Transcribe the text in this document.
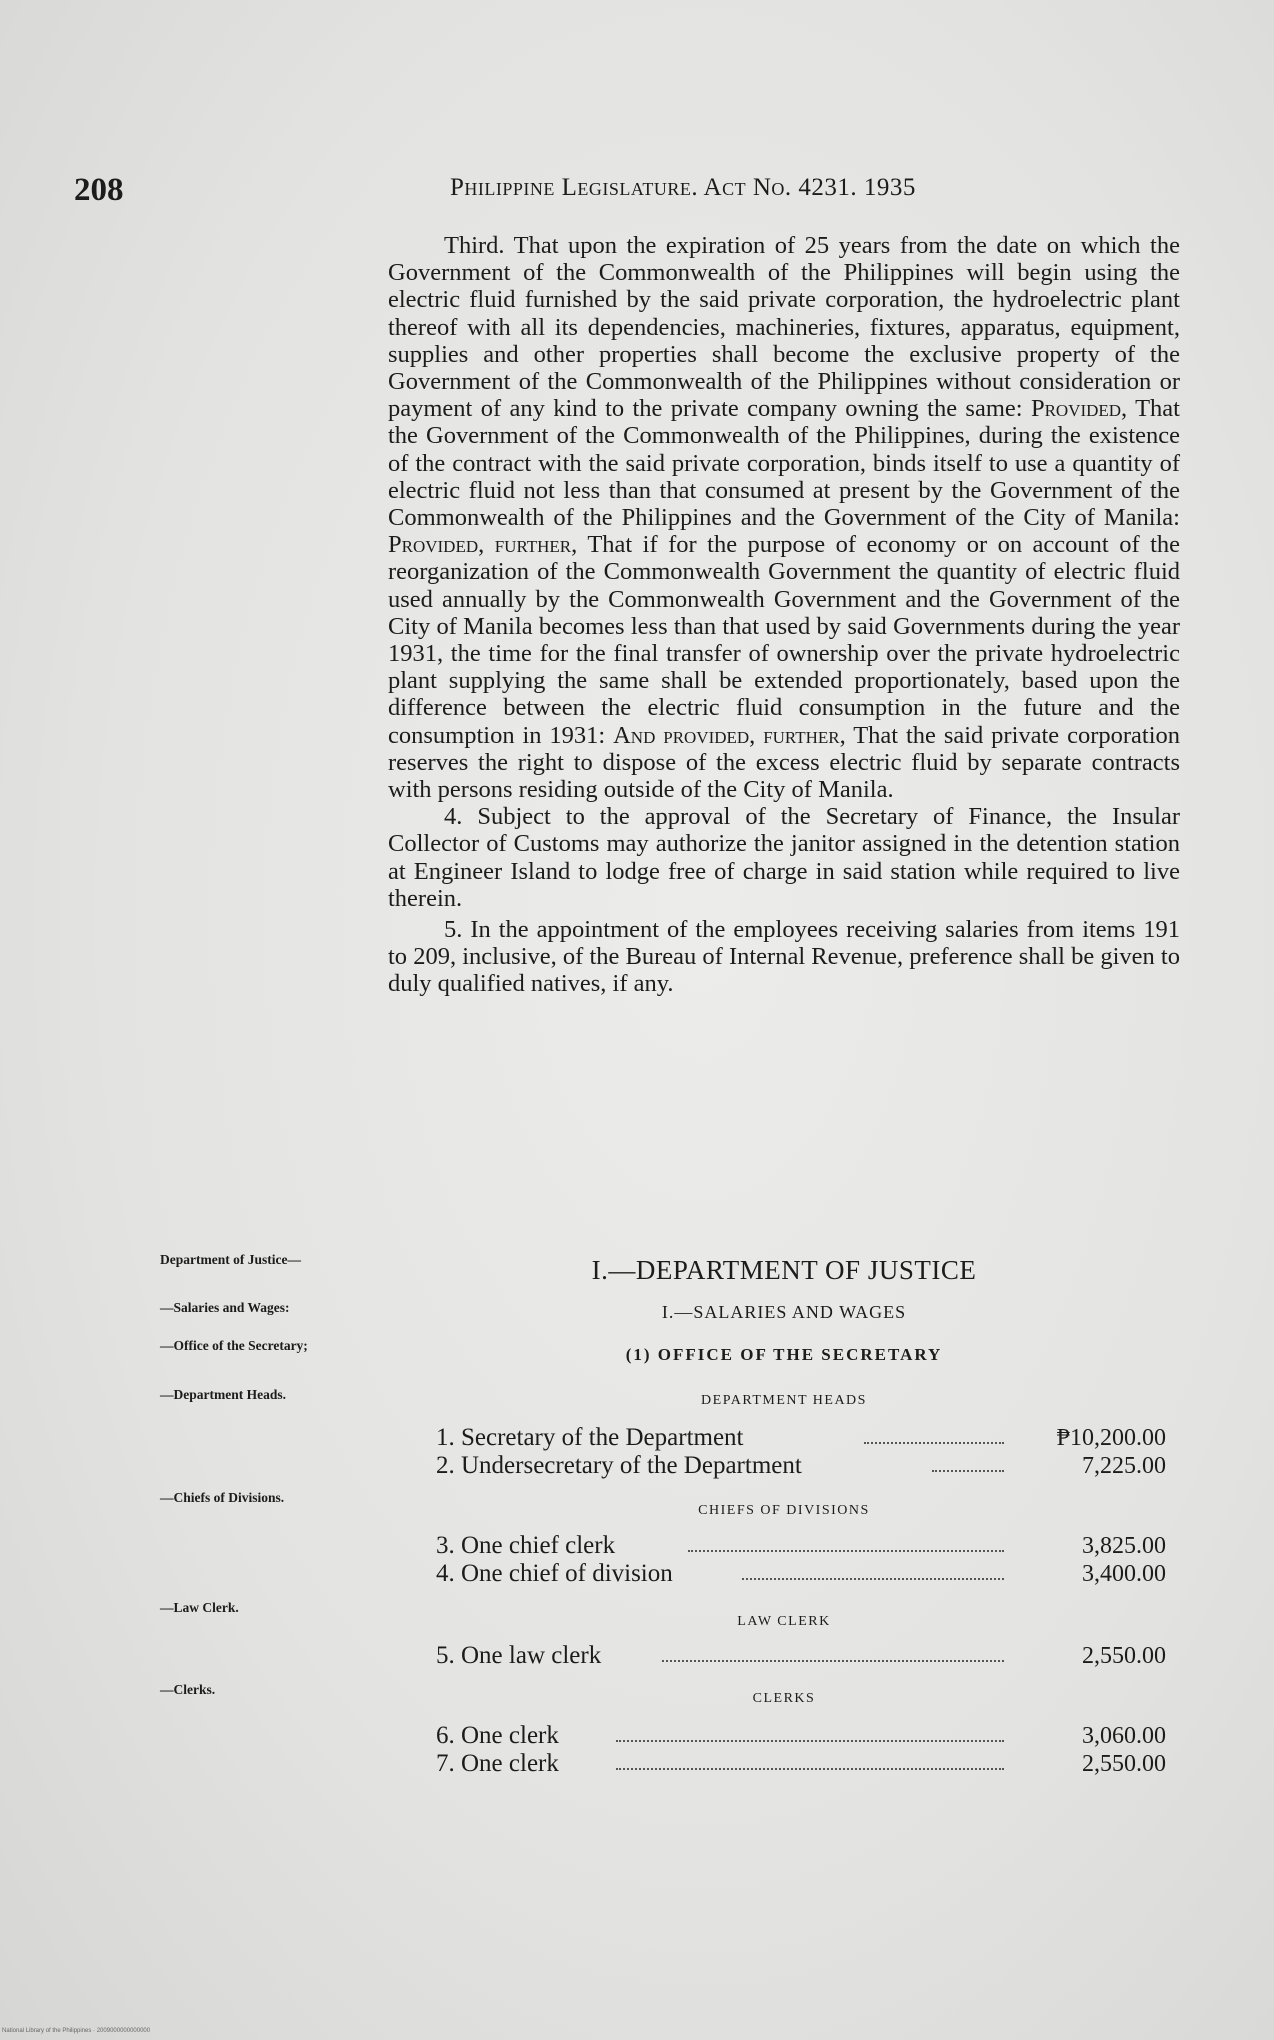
208	Philippine Legislature. Act No. 4231. 1935

Third. That upon the expiration of 25 years from the date on which the Government of the Commonwealth of the Philippines will begin using the electric fluid furnished by the said private corporation, the hydroelectric plant thereof with all its dependencies, machineries, fixtures, apparatus, equipment, supplies and other properties shall become the exclusive property of the Government of the Commonwealth of the Philippines without consideration or payment of any kind to the private company owning the same: Provided, That the Government of the Commonwealth of the Philippines, during the existence of the contract with the said private corporation, binds itself to use a quantity of electric fluid not less than that consumed at present by the Government of the Commonwealth of the Philippines and the Government of the City of Manila: Provided, further, That if for the purpose of economy or on account of the reorganization of the Commonwealth Government the quantity of electric fluid used annually by the Commonwealth Government and the Government of the City of Manila becomes less than that used by said Governments during the year 1931, the time for the final transfer of ownership over the private hydroelectric plant supplying the same shall be extended proportionately, based upon the difference between the electric fluid consumption in the future and the consumption in 1931: And provided, further, That the said private corporation reserves the right to dispose of the excess electric fluid by separate contracts with persons residing outside of the City of Manila.

4. Subject to the approval of the Secretary of Finance, the Insular Collector of Customs may authorize the janitor assigned in the detention station at Engineer Island to lodge free of charge in said station while required to live therein.

5. In the appointment of the employees receiving salaries from items 191 to 209, inclusive, of the Bureau of Internal Revenue, preference shall be given to duly qualified natives, if any.

Department of Justice—
—Salaries and Wages:
—Office of the Secretary;
—Department Heads.
—Chiefs of Divisions.
—Law Clerk.
—Clerks.
I.—DEPARTMENT OF JUSTICE
I.—SALARIES AND WAGES
(1) OFFICE OF THE SECRETARY
DEPARTMENT HEADS
CHIEFS OF DIVISIONS
LAW CLERK
CLERKS
1. Secretary of the Department	₱10,200.00
2. Undersecretary of the Department	7,225.00
3. One chief clerk	3,825.00
4. One chief of division	3,400.00
5. One law clerk	2,550.00
6. One clerk	3,060.00
7. One clerk	2,550.00
National Library of the Philippines · 2009000000000000
